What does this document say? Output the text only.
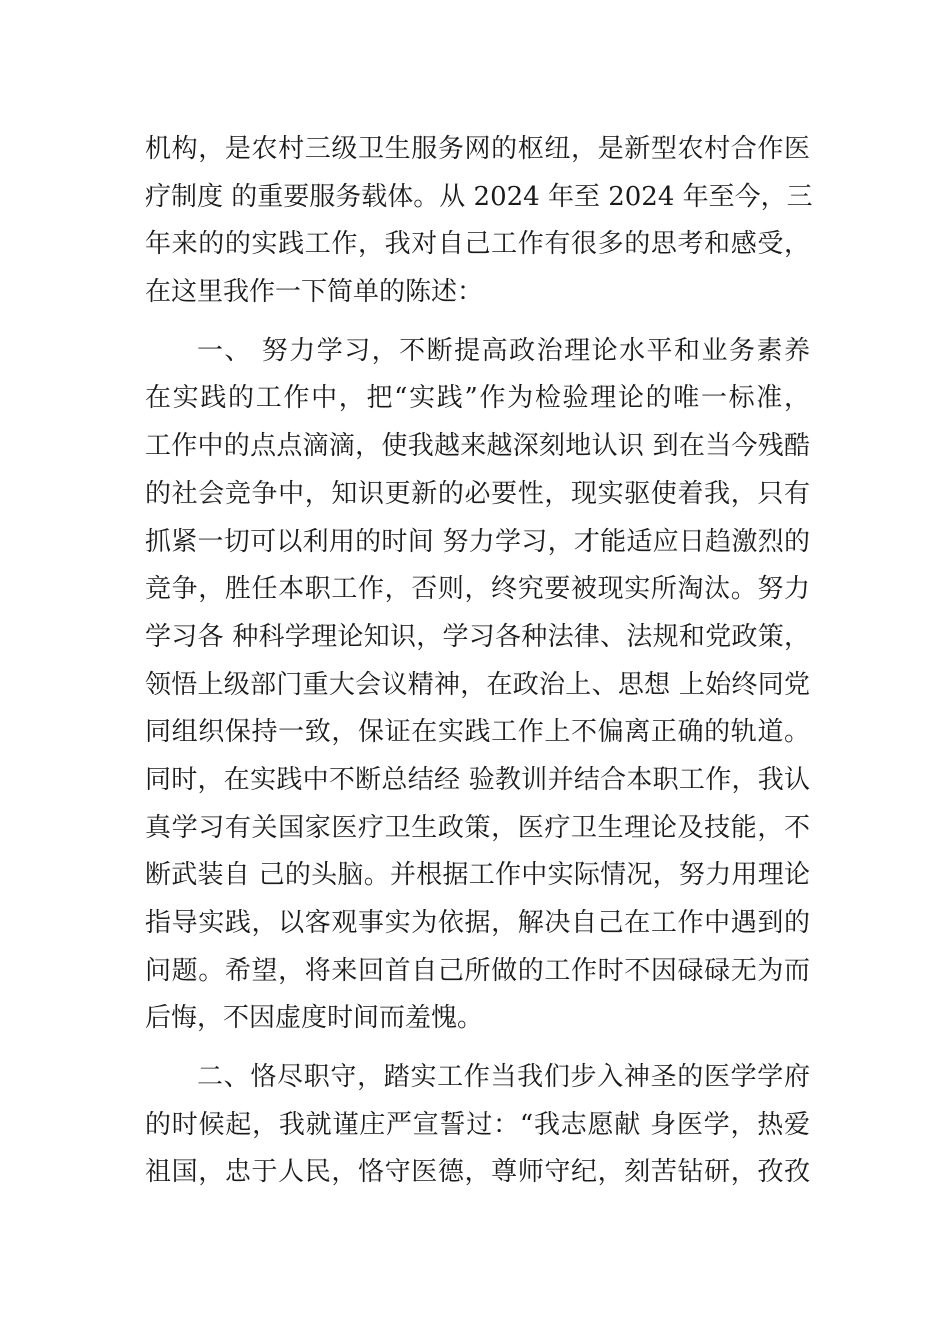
机构，是农村三级卫生服务网的枢纽，是新型农村合作医
疗制度 的重要服务载体。从 2024 年至 2024 年至今，三
年来的的实践工作，我对自己工作有很多的思考和感受，
在这里我作一下简单的陈述：
一、 努力学习，不断提高政治理论水平和业务素养
在实践的工作中，把“实践”作为检验理论的唯一标准，
工作中的点点滴滴，使我越来越深刻地认识 到在当今残酷
的社会竞争中，知识更新的必要性，现实驱使着我，只有
抓紧一切可以利用的时间 努力学习，才能适应日趋激烈的
竞争，胜任本职工作，否则，终究要被现实所淘汰。努力
学习各 种科学理论知识，学习各种法律、法规和党政策，
领悟上级部门重大会议精神，在政治上、思想 上始终同党
同组织保持一致，保证在实践工作上不偏离正确的轨道。
同时，在实践中不断总结经 验教训并结合本职工作，我认
真学习有关国家医疗卫生政策，医疗卫生理论及技能，不
断武装自 己的头脑。并根据工作中实际情况，努力用理论
指导实践，以客观事实为依据，解决自己在工作中遇到的
问题。希望，将来回首自己所做的工作时不因碌碌无为而
后悔，不因虚度时间而羞愧。
二、恪尽职守，踏实工作当我们步入神圣的医学学府
的时候起，我就谨庄严宣誓过：“我志愿献 身医学，热爱
祖国，忠于人民，恪守医德，尊师守纪，刻苦钻研，孜孜
